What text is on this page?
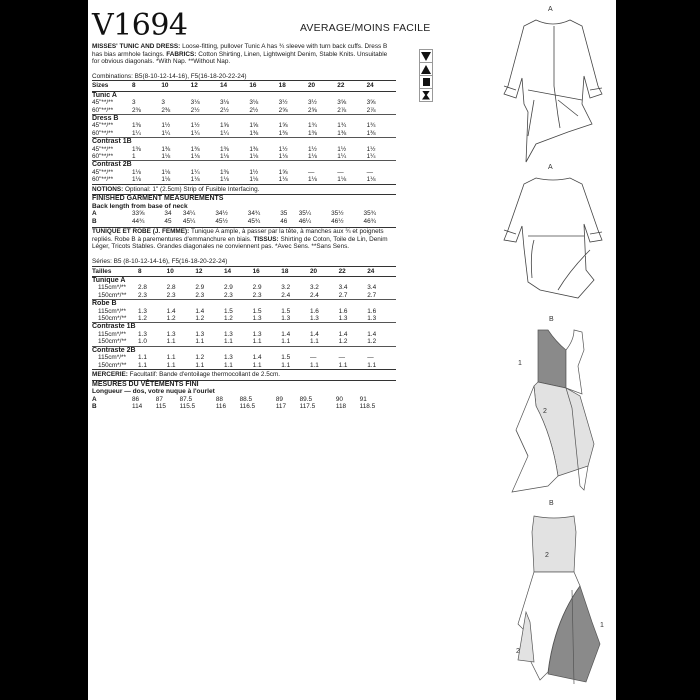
V1694	AVERAGE/MOINS FACILE

MISSES' TUNIC AND DRESS: Loose-fitting, pullover Tunic A has ¾ sleeve with turn back cuffs. Dress B has bias armhole facings. FABRICS: Cotton Shirting, Linen, Lightweight Denim, Stable Knits. Unsuitable for obvious diagonals. *With Nap. **Without Nap.

Combinations: B5(8-10-12-14-16), F5(16-18-20-22-24)

Sizes	8	10	12	14	16	18	20	22	24
Tunic A									
45"**/**	3	3	3⅛	3⅛	3⅛	3½	3½	3⅝	3⅝
60"**/**	2⅜	2⅜	2½	2½	2½	2⅝	2⅝	2⅞	2⅞
Dress B									
45"**/**	1⅜	1½	1½	1⅝	1⅝	1⅝	1¾	1¾	1¾
60"**/**	1¼	1¼	1¼	1¼	1⅜	1⅜	1⅜	1⅜	1⅜
Contrast 1B									
45"**/**	1⅜	1⅜	1⅜	1⅜	1⅜	1½	1½	1½	1½
60"**/**	1	1⅛	1⅛	1⅛	1⅛	1⅛	1⅛	1¼	1¼
Contrast 2B									
45"**/**	1⅛	1⅛	1¼	1⅜	1½	1⅝	—	—	—
60"**/**	1⅛	1⅛	1⅛	1⅛	1⅛	1⅛	1⅛	1⅛	1⅛

NOTIONS: Optional: 1" (2.5cm) Strip of Fusible Interfacing.

FINISHED GARMENT MEASUREMENTS

Back length from base of neck

A	33⅝	34	34¼	34½	34¾	35	35¼	35½	35¾
B	44¾	45	45¼	45½	45¾	46	46¼	46½	46¾

TUNIQUE ET ROBE (J. FEMME): Tunique A ample, à passer par la tête, à manches aux ¾ et poignets repliés. Robe B à parementures d'emmanchure en biais. TISSUS: Shirting de Coton, Toile de Lin, Denim Léger, Tricots Stables. Grandes diagonales ne conviennent pas. *Avec Sens. **Sans Sens.

Séries: B5 (8-10-12-14-16), F5(16-18-20-22-24)

Tailles	8	10	12	14	16	18	20	22	24
Tunique A									
115cm*/**	2.8	2.8	2.9	2.9	2.9	3.2	3.2	3.4	3.4
150cm*/**	2.3	2.3	2.3	2.3	2.3	2.4	2.4	2.7	2.7
Robe B									
115cm*/**	1.3	1.4	1.4	1.5	1.5	1.5	1.6	1.6	1.6
150cm*/**	1.2	1.2	1.2	1.2	1.3	1.3	1.3	1.3	1.3
Contraste 1B									
115cm*/**	1.3	1.3	1.3	1.3	1.3	1.4	1.4	1.4	1.4
150cm*/**	1.0	1.1	1.1	1.1	1.1	1.1	1.1	1.2	1.2
Contraste 2B									
115cm*/**	1.1	1.1	1.2	1.3	1.4	1.5	—	—	—
150cm*/**	1.1	1.1	1.1	1.1	1.1	1.1	1.1	1.1	1.1

MERCERIE: Facultatif: Bande d'entoilage thermocollant de 2.5cm.

MESURES DU VÊTEMENTS FINI

Longueur — dos, votre nuque à l'ourlet

A	86	87	87.5	88	88.5	89	89.5	90	91
B	114	115	115.5	116	116.5	117	117.5	118	118.5
A
A
B
1
2
B
2
2
1
